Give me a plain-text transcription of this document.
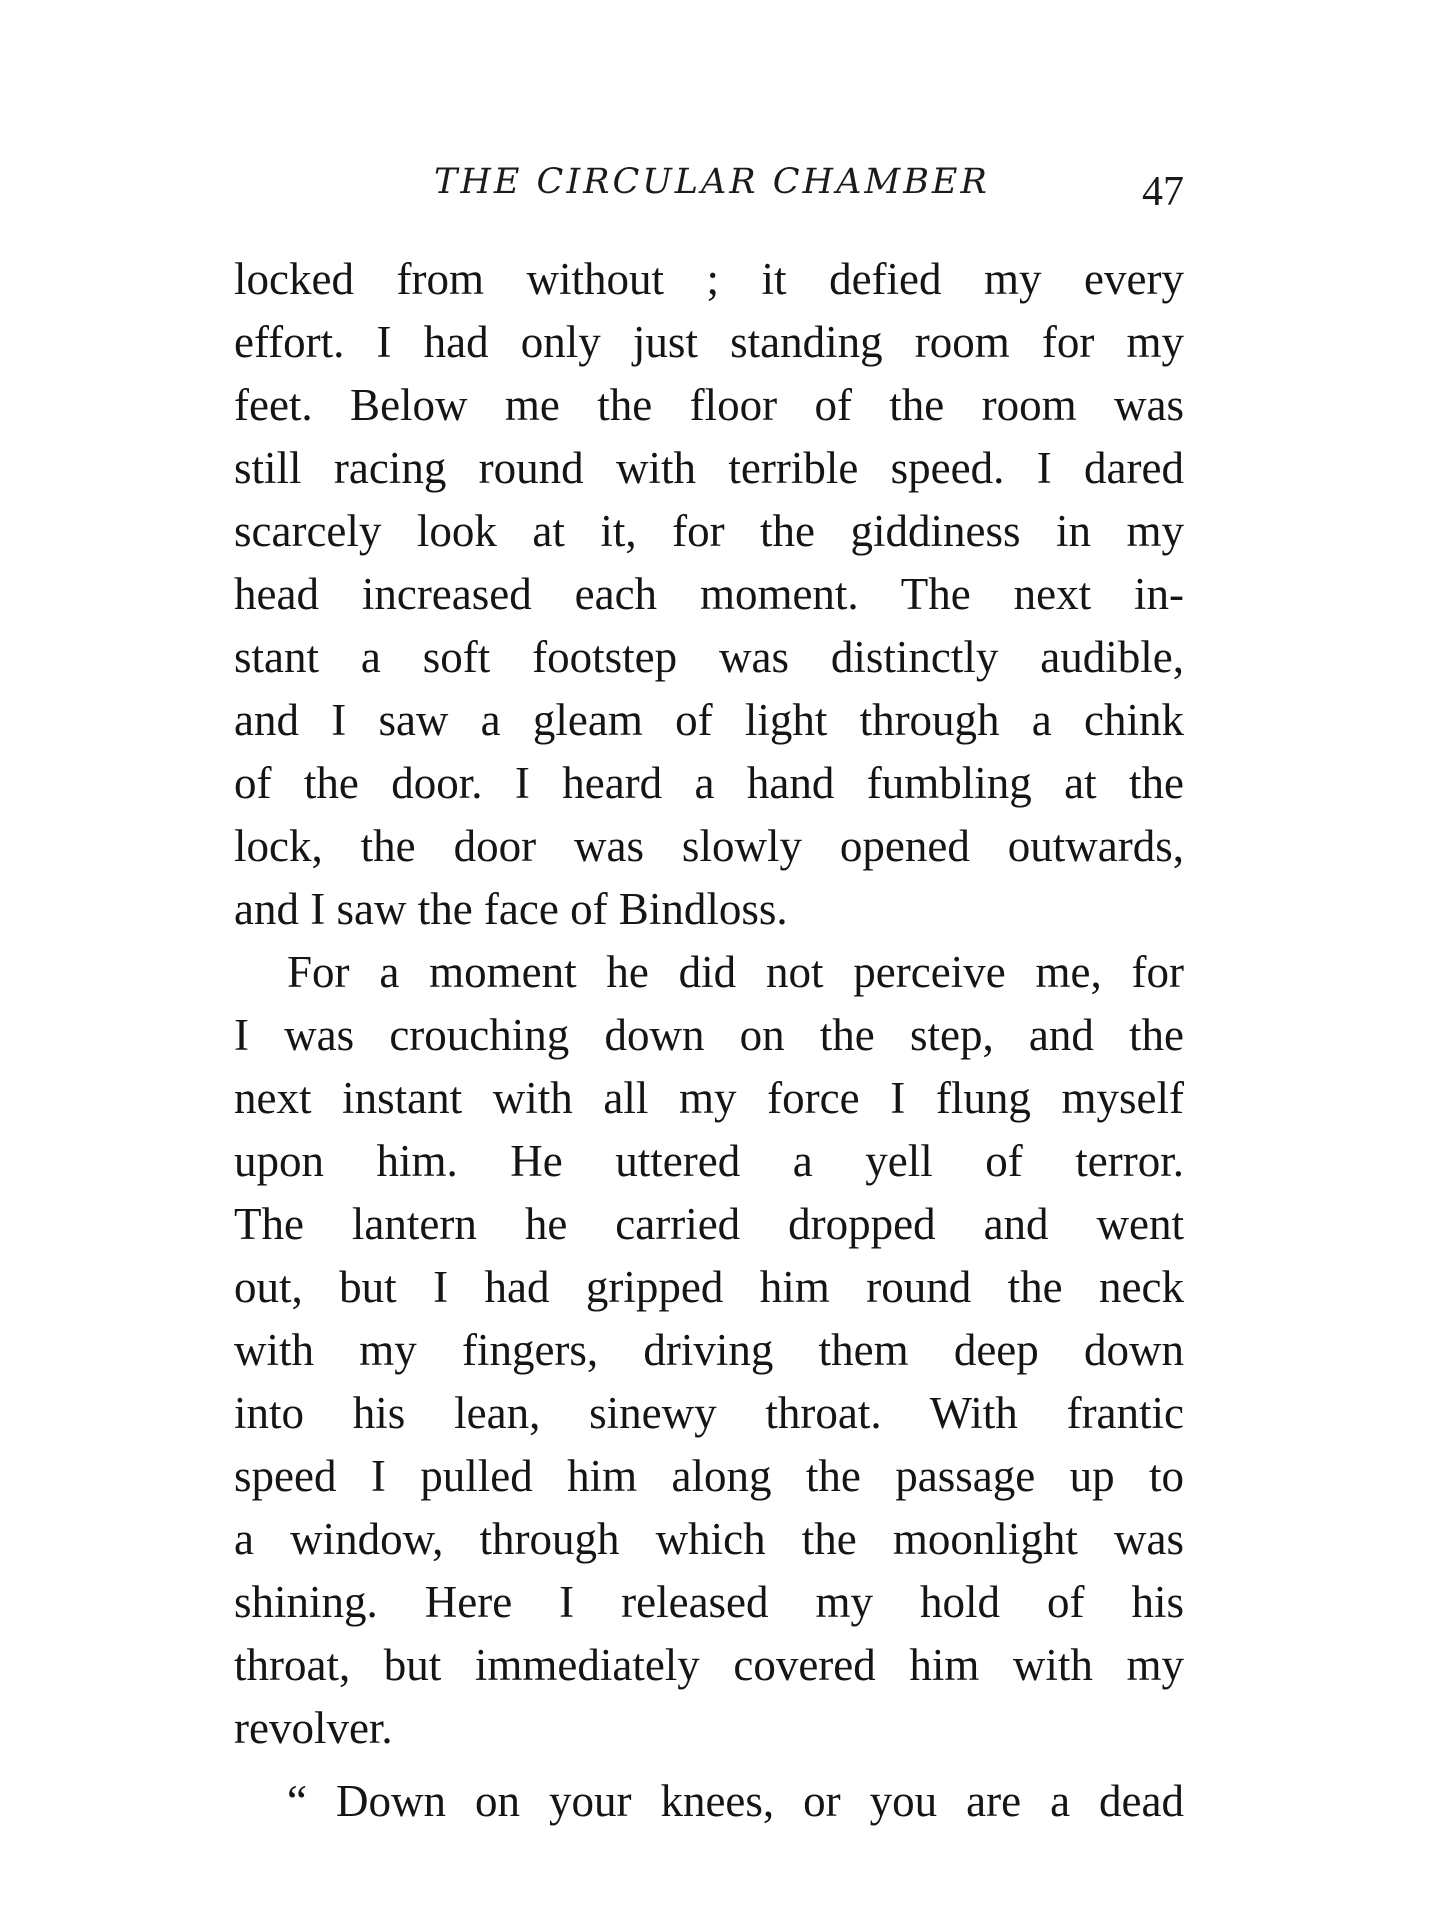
THE CIRCULAR CHAMBER	47
locked from without ; it defied my every
effort. I had only just standing room for my
feet. Below me the floor of the room was
still racing round with terrible speed. I dared
scarcely look at it, for the giddiness in my
head increased each moment. The next in-
stant a soft footstep was distinctly audible,
and I saw a gleam of light through a chink
of the door. I heard a hand fumbling at the
lock, the door was slowly opened outwards,
and I saw the face of Bindloss.
For a moment he did not perceive me, for
I was crouching down on the step, and the
next instant with all my force I flung myself
upon him. He uttered a yell of terror.
The lantern he carried dropped and went
out, but I had gripped him round the neck
with my fingers, driving them deep down
into his lean, sinewy throat. With frantic
speed I pulled him along the passage up to
a window, through which the moonlight was
shining. Here I released my hold of his
throat, but immediately covered him with my
revolver.
“ Down on your knees, or you are a dead
